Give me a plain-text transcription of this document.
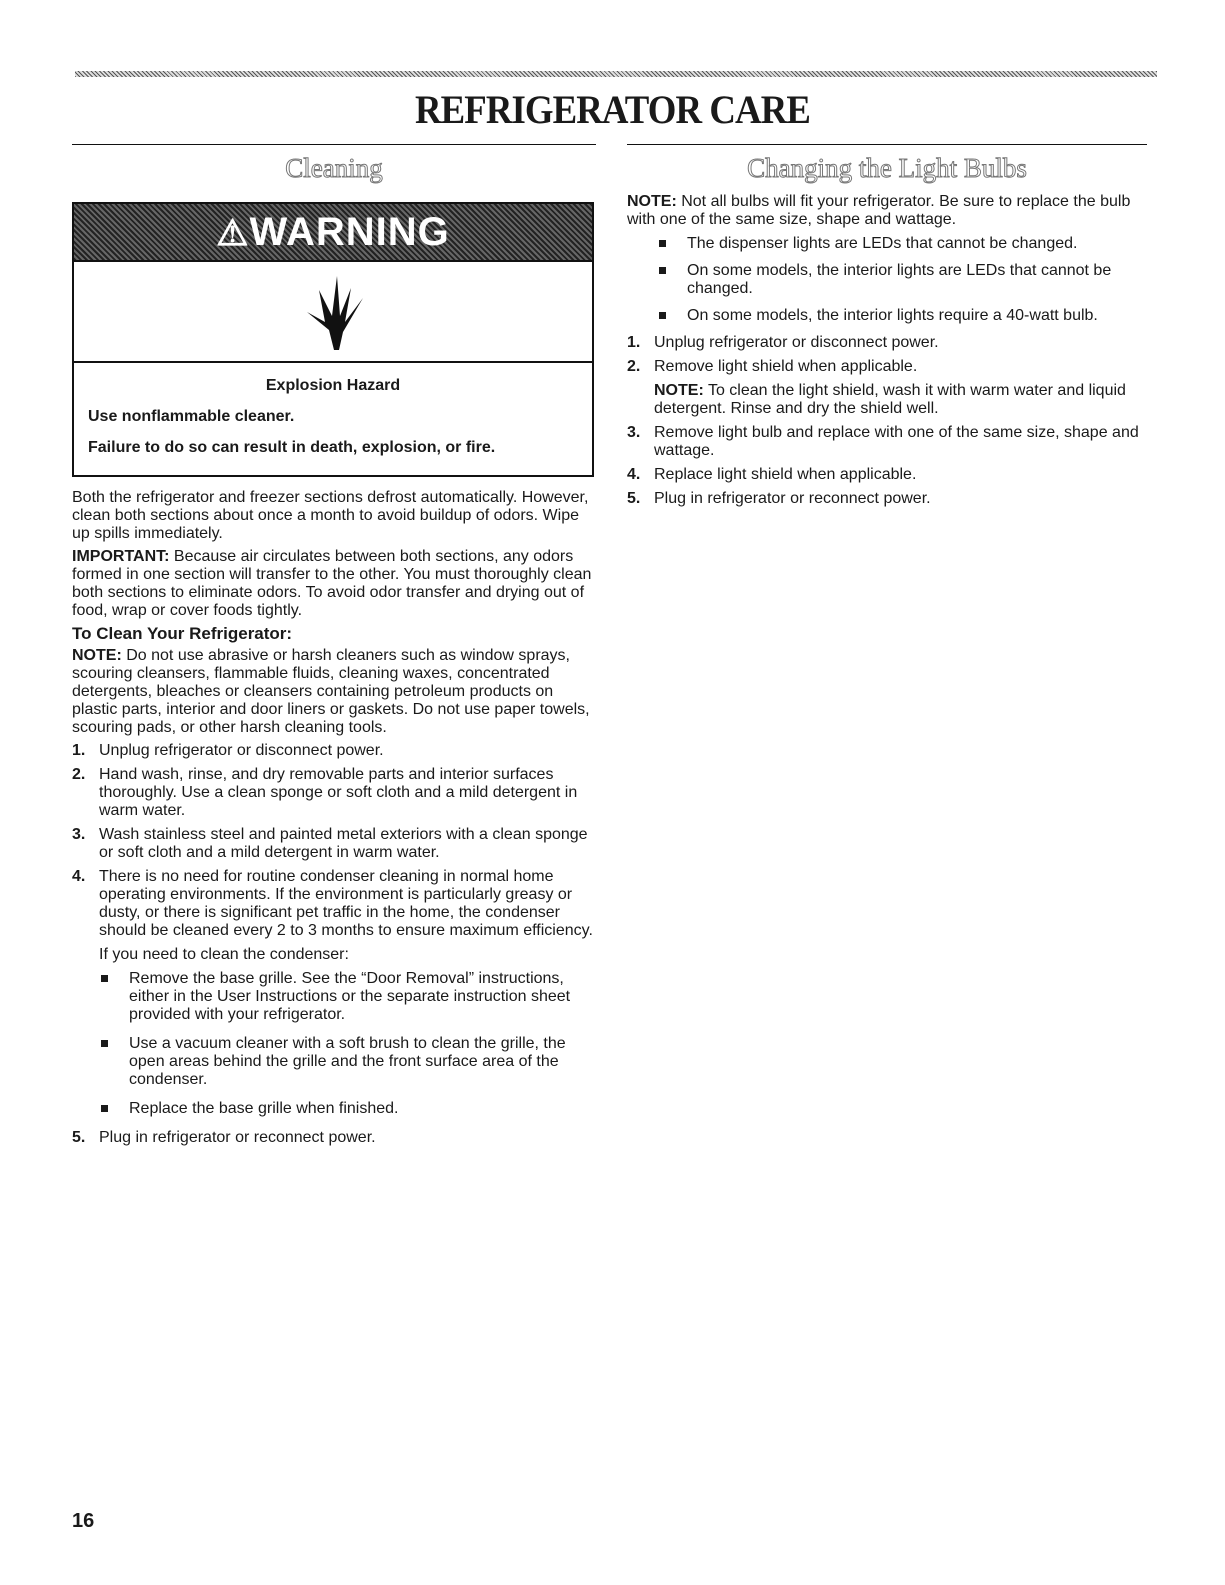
REFRIGERATOR CARE
Cleaning	Changing the Light Bulbs
⚠WARNING
Explosion Hazard
Use nonflammable cleaner.
Failure to do so can result in death, explosion, or fire.

Both the refrigerator and freezer sections defrost automatically. However, clean both sections about once a month to avoid buildup of odors. Wipe up spills immediately.

IMPORTANT: Because air circulates between both sections, any odors formed in one section will transfer to the other. You must thoroughly clean both sections to eliminate odors. To avoid odor transfer and drying out of food, wrap or cover foods tightly.

To Clean Your Refrigerator:

NOTE: Do not use abrasive or harsh cleaners such as window sprays, scouring cleansers, flammable fluids, cleaning waxes, concentrated detergents, bleaches or cleansers containing petroleum products on plastic parts, interior and door liners or gaskets. Do not use paper towels, scouring pads, or other harsh cleaning tools.

1. Unplug refrigerator or disconnect power.
2. Hand wash, rinse, and dry removable parts and interior surfaces thoroughly. Use a clean sponge or soft cloth and a mild detergent in warm water.
3. Wash stainless steel and painted metal exteriors with a clean sponge or soft cloth and a mild detergent in warm water.
4. There is no need for routine condenser cleaning in normal home operating environments. If the environment is particularly greasy or dusty, or there is significant pet traffic in the home, the condenser should be cleaned every 2 to 3 months to ensure maximum efficiency.
If you need to clean the condenser:
Remove the base grille. See the “Door Removal” instructions, either in the User Instructions or the separate instruction sheet provided with your refrigerator.
Use a vacuum cleaner with a soft brush to clean the grille, the open areas behind the grille and the front surface area of the condenser.
Replace the base grille when finished.
5. Plug in refrigerator or reconnect power.

NOTE: Not all bulbs will fit your refrigerator. Be sure to replace the bulb with one of the same size, shape and wattage.

The dispenser lights are LEDs that cannot be changed.
On some models, the interior lights are LEDs that cannot be changed.
On some models, the interior lights require a 40-watt bulb.
1. Unplug refrigerator or disconnect power.
2. Remove light shield when applicable.
NOTE: To clean the light shield, wash it with warm water and liquid detergent. Rinse and dry the shield well.
3. Remove light bulb and replace with one of the same size, shape and wattage.
4. Replace light shield when applicable.
5. Plug in refrigerator or reconnect power.
16
